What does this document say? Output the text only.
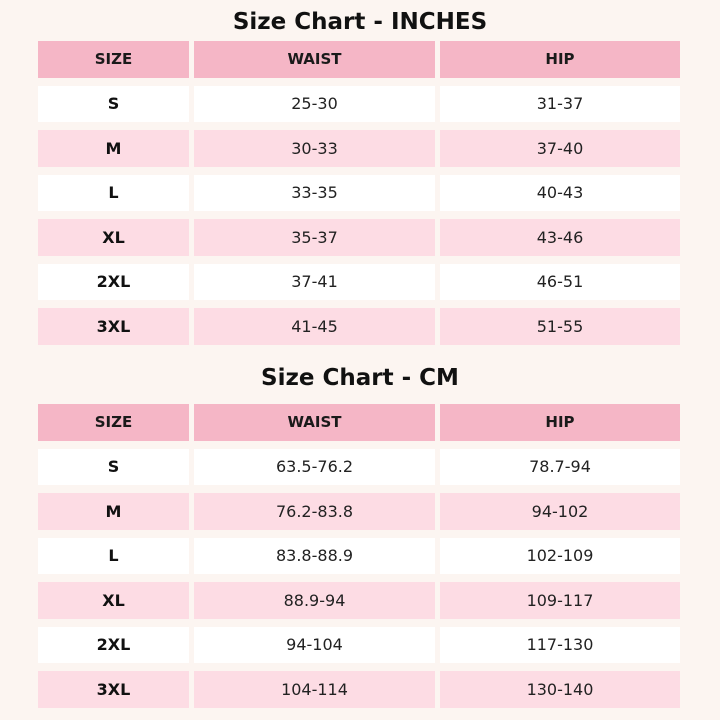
Size Chart - INCHES
SIZE	WAIST	HIP
S	25-30	31-37
M	30-33	37-40
L	33-35	40-43
XL	35-37	43-46
2XL	37-41	46-51
3XL	41-45	51-55
Size Chart - CM
SIZE	WAIST	HIP
S	63.5-76.2	78.7-94
M	76.2-83.8	94-102
L	83.8-88.9	102-109
XL	88.9-94	109-117
2XL	94-104	117-130
3XL	104-114	130-140
